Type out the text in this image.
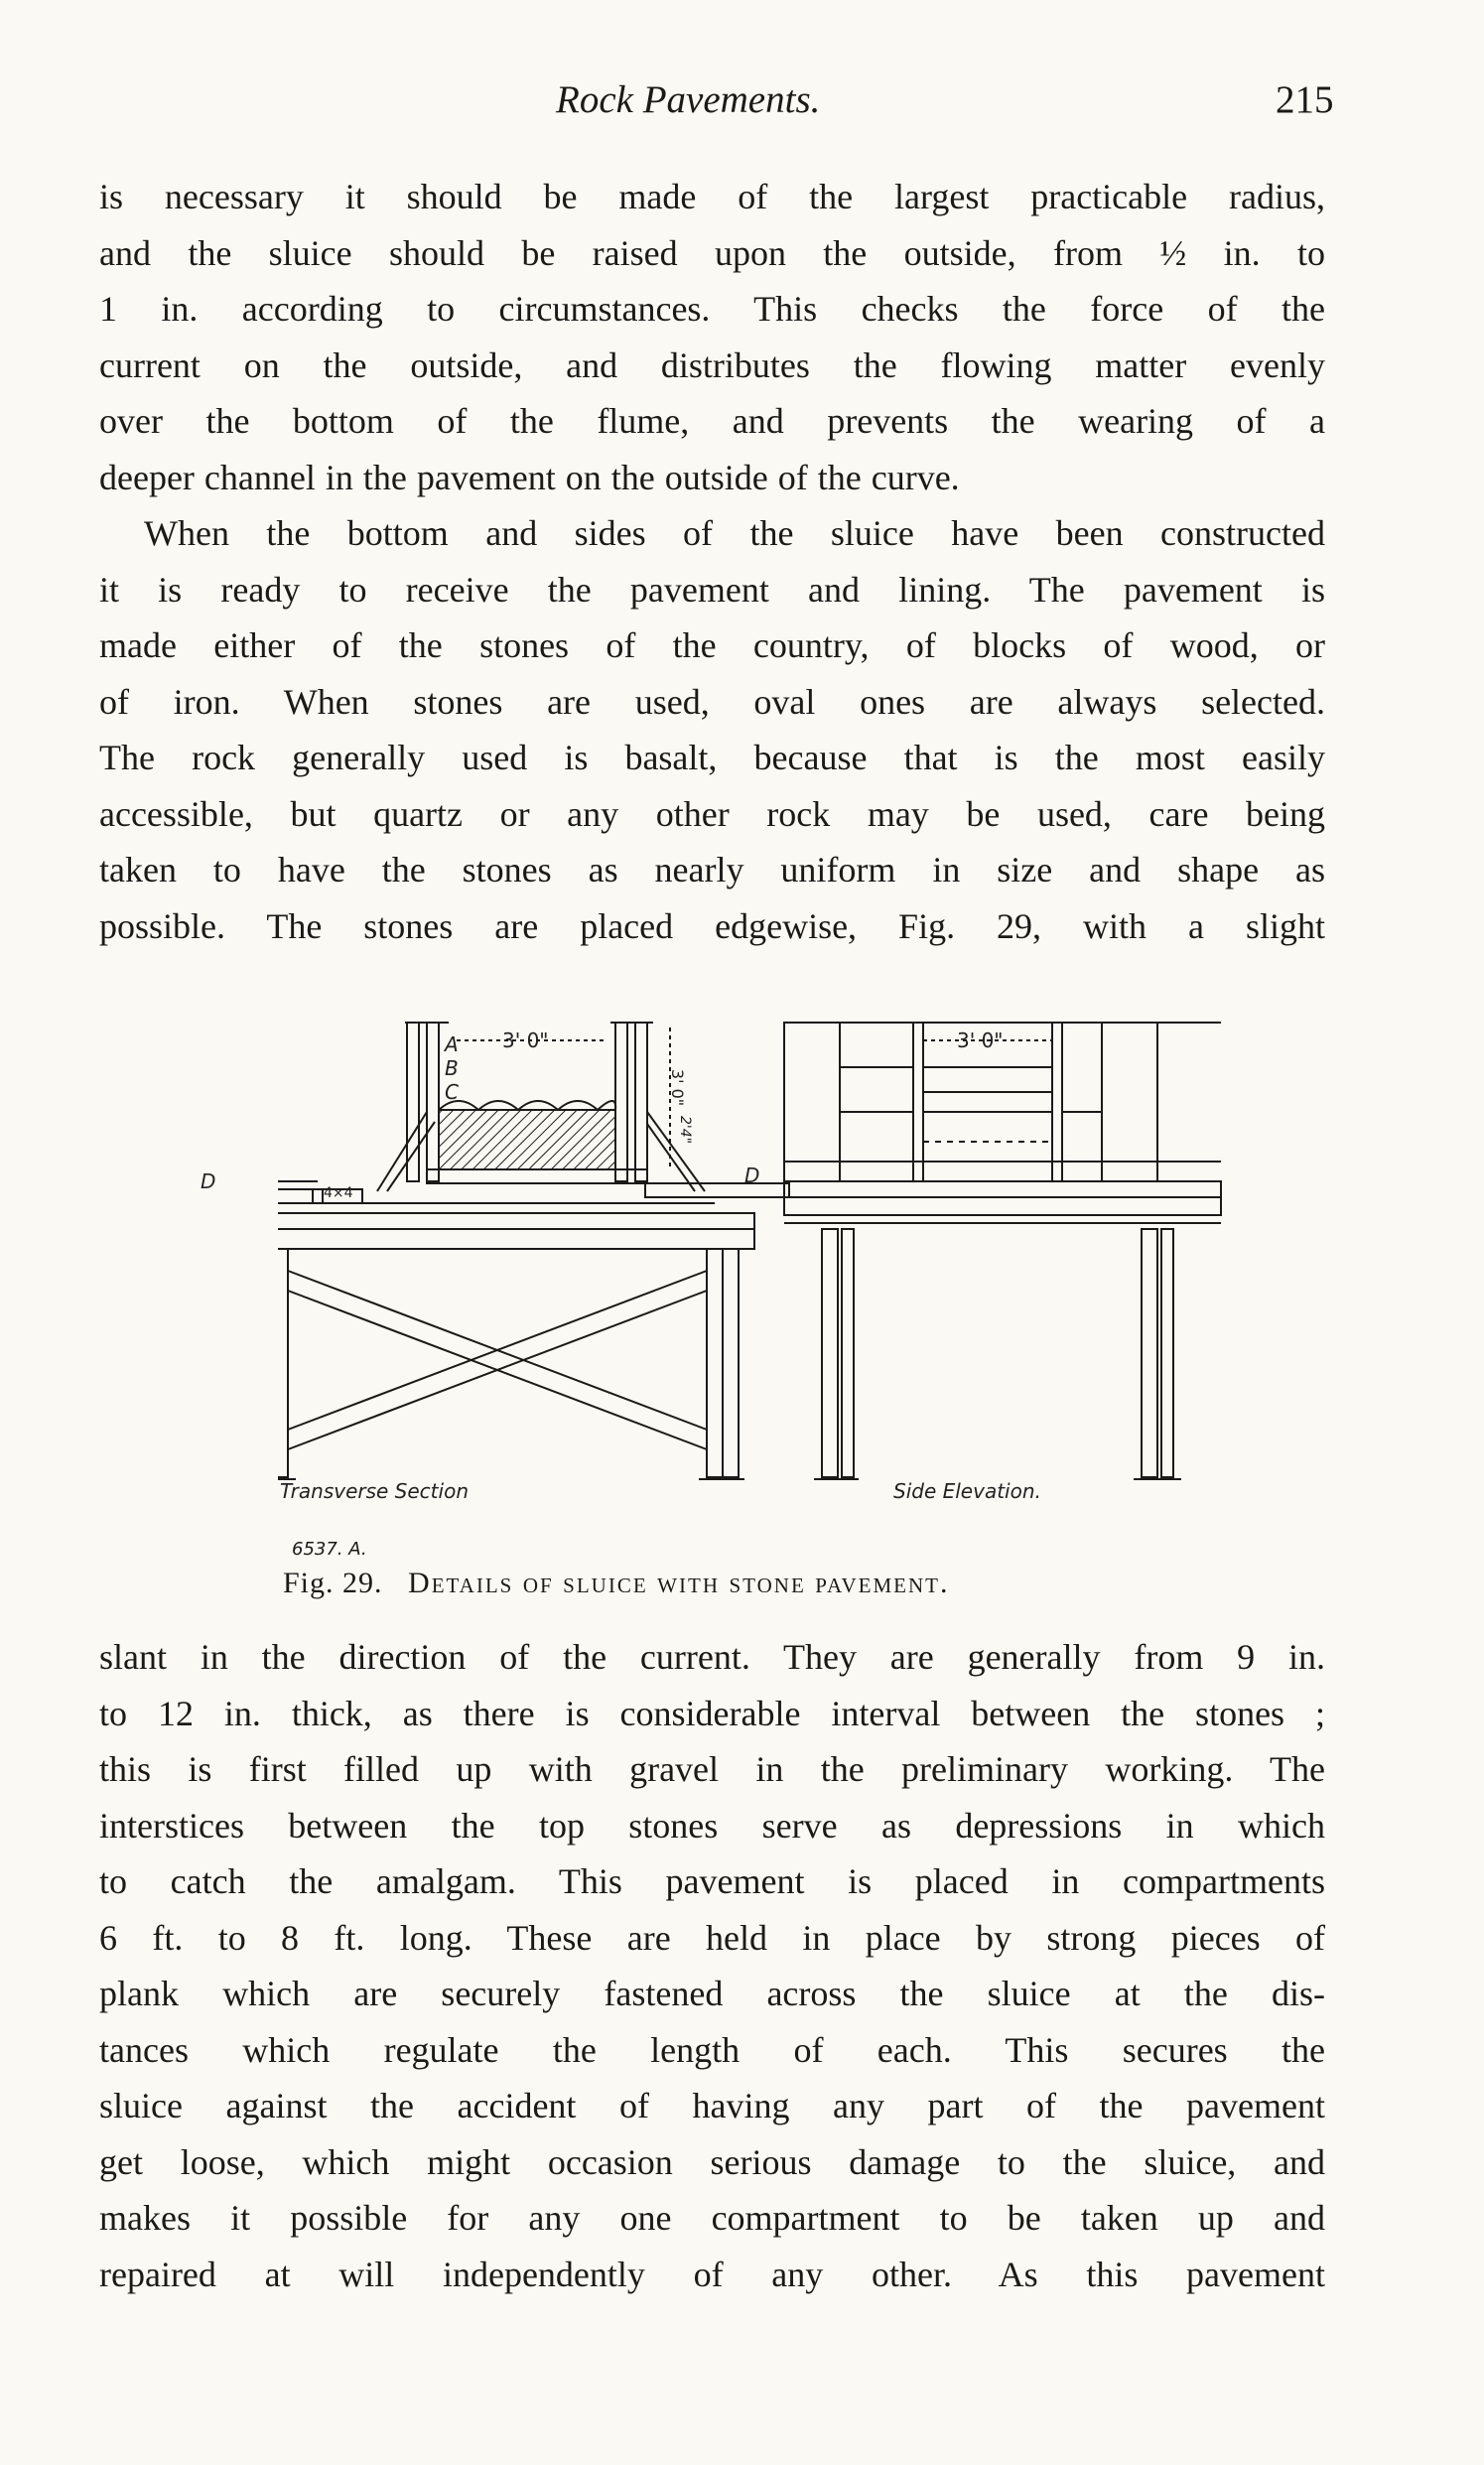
Rock Pavements.	215
is necessary it should be made of the largest practicable radius,
and the sluice should be raised upon the outside, from ½ in. to
1 in. according to circumstances. This checks the force of the
current on the outside, and distributes the flowing matter evenly
over the bottom of the flume, and prevents the wearing of a
deeper channel in the pavement on the outside of the curve.
When the bottom and sides of the sluice have been constructed
it is ready to receive the pavement and lining. The pavement is
made either of the stones of the country, of blocks of wood, or
of iron. When stones are used, oval ones are always selected.
The rock generally used is basalt, because that is the most easily
accessible, but quartz or any other rock may be used, care being
taken to have the stones as nearly uniform in size and shape as
possible. The stones are placed edgewise, Fig. 29, with a slight
A
B
C
D	D
3' 0"
3' 0"
2'4"
4×4
3' 0"
Transverse Section	Side Elevation.
6537. A.
Fig. 29. Details of sluice with stone pavement.
slant in the direction of the current. They are generally from 9 in.
to 12 in. thick, as there is considerable interval between the stones ;
this is first filled up with gravel in the preliminary working. The
interstices between the top stones serve as depressions in which
to catch the amalgam. This pavement is placed in compartments
6 ft. to 8 ft. long. These are held in place by strong pieces of
plank which are securely fastened across the sluice at the dis-
tances which regulate the length of each. This secures the
sluice against the accident of having any part of the pavement
get loose, which might occasion serious damage to the sluice, and
makes it possible for any one compartment to be taken up and
repaired at will independently of any other. As this pavement
